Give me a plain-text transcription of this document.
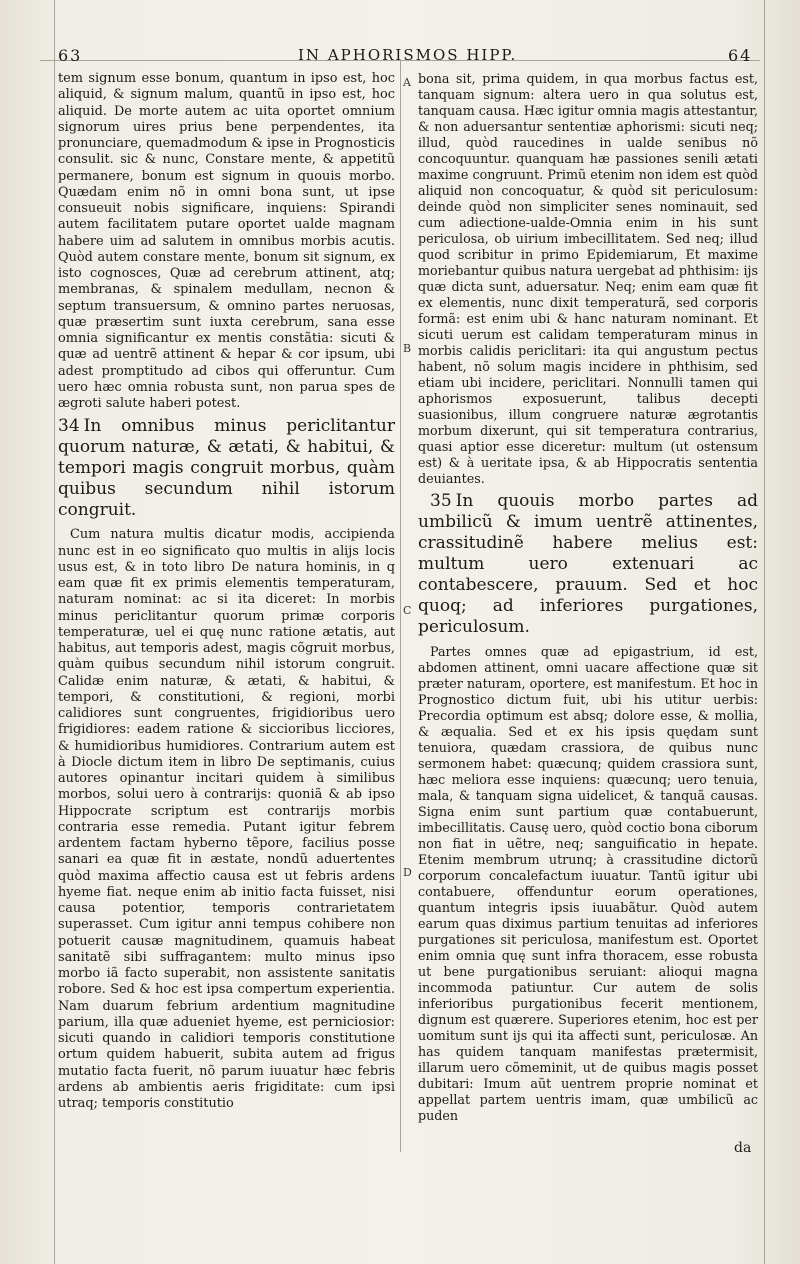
63	IN APHORISMOS HIPP.	64
A
B
C
D

tem signum esse bonum, quantum in ipso est, hoc aliquid, & signum malum, quantũ in ipso est, hoc aliquid. De morte autem ac uita oportet omnium signorum uires prius bene perpendentes, ita pronunciare, quemadmodum & ipse in Prognosticis consulit. sic & nunc, Constare mente, & appetitũ permanere, bonum est signum in quouis morbo. Quædam enim nõ in omni bona sunt, ut ipse consueuit nobis significare, inquiens: Spirandi autem facilitatem putare oportet ualde magnam habere uim ad salutem in omnibus morbis acutis. Quòd autem constare mente, bonum sit signum, ex isto cognosces, Quæ ad cerebrum attinent, atq; membranas, & spinalem medullam, necnon & septum transuersum, & omnino partes neruosas, quæ præsertim sunt iuxta cerebrum, sana esse omnia significantur ex mentis constãtia: sicuti & quæ ad uentrẽ attinent & hepar & cor ipsum, ubi adest promptitudo ad cibos qui offeruntur. Cum uero hæc omnia robusta sunt, non parua spes de ægroti salute haberi potest.

34 In omnibus minus periclitantur quorum naturæ, & ætati, & habitui, & tempori magis congruit morbus, quàm quibus secundum nihil istorum congruit.

Cum natura multis dicatur modis, accipienda nunc est in eo significato quo multis in alijs locis usus est, & in toto libro De natura hominis, in q eam quæ fit ex primis elementis temperaturam, naturam nominat: ac si ita diceret: In morbis minus periclitantur quorum primæ corporis temperaturæ, uel ei quę nunc ratione ætatis, aut habitus, aut temporis adest, magis cõgruit morbus, quàm quibus secundum nihil istorum congruit. Calidæ enim naturæ, & ætati, & habitui, & tempori, & constitutioni, & regioni, morbi calidiores sunt congruentes, frigidioribus uero frigidiores: eadem ratione & siccioribus licciores, & humidioribus humidiores. Contrarium autem est à Diocle dictum item in libro De septimanis, cuius autores opinantur incitari quidem à similibus morbos, solui uero à contrarijs: quoniã & ab ipso Hippocrate scriptum est contrarijs morbis contraria esse remedia. Putant igitur febrem ardentem factam hyberno tẽpore, facilius posse sanari ea quæ fit in æstate, nondũ aduertentes quòd maxima affectio causa est ut febris ardens hyeme fiat. neque enim ab initio facta fuisset, nisi causa potentior, temporis contrarietatem superasset. Cum igitur anni tempus cohibere non potuerit causæ magnitudinem, quamuis habeat sanitatẽ sibi suffragantem: multo minus ipso morbo iã facto superabit, non assistente sanitatis robore. Sed & hoc est ipsa compertum experientia. Nam duarum febrium ardentium magnitudine parium, illa quæ adueniet hyeme, est perniciosior: sicuti quando in calidiori temporis constitutione ortum quidem habuerit, subita autem ad frigus mutatio facta fuerit, nõ parum iuuatur hæc febris ardens ab ambientis aeris frigiditate: cum ipsi utraq; temporis constitutio

bona sit, prima quidem, in qua morbus factus est, tanquam signum: altera uero in qua solutus est, tanquam causa. Hæc igitur omnia magis attestantur, & non aduersantur sententiæ aphorismi: sicuti neq; illud, quòd raucedines in ualde senibus nõ concoquuntur. quanquam hæ passiones senili ætati maxime congruunt. Primũ etenim non idem est quòd aliquid non concoquatur, & quòd sit periculosum: deinde quòd non simpliciter senes nominauit, sed cum adiectione-ualde-Omnia enim in his sunt periculosa, ob uirium imbecillitatem. Sed neq; illud quod scribitur in primo Epidemiarum, Et maxime moriebantur quibus natura uergebat ad phthisim: ijs quæ dicta sunt, aduersatur. Neq; enim eam quæ fit ex elementis, nunc dixit temperaturã, sed corporis formã: est enim ubi & hanc naturam nominant. Et sicuti uerum est calidam temperaturam minus in morbis calidis periclitari: ita qui angustum pectus habent, nõ solum magis incidere in phthisim, sed etiam ubi incidere, periclitari. Nonnulli tamen qui aphorismos exposuerunt, talibus decepti suasionibus, illum congruere naturæ ægrotantis morbum dixerunt, qui sit temperatura contrarius, quasi aptior esse diceretur: multum (ut ostensum est) & à ueritate ipsa, & ab Hippocratis sententia deuiantes.

35 In quouis morbo partes ad umbilicũ & imum uentrẽ attinentes, crassitudinẽ habere melius est: multum uero extenuari ac contabescere, prauum. Sed et hoc quoq; ad inferiores purgationes, periculosum.

Partes omnes quæ ad epigastrium, id est, abdomen attinent, omni uacare affectione quæ sit præter naturam, oportere, est manifestum. Et hoc in Prognostico dictum fuit, ubi his utitur uerbis: Precordia optimum est absq; dolore esse, & mollia, & æqualia. Sed et ex his ipsis quędam sunt tenuiora, quædam crassiora, de quibus nunc sermonem habet: quæcunq; quidem crassiora sunt, hæc meliora esse inquiens: quæcunq; uero tenuia, mala, & tanquam signa uidelicet, & tanquã causas. Signa enim sunt partium quæ contabuerunt, imbecillitatis. Causę uero, quòd coctio bona ciborum non fiat in uẽtre, neq; sanguificatio in hepate. Etenim membrum utrunq; à crassitudine dictorũ corporum concalefactum iuuatur. Tantũ igitur ubi contabuere, offenduntur eorum operationes, quantum integris ipsis iuuabãtur. Quòd autem earum quas diximus partium tenuitas ad inferiores purgationes sit periculosa, manifestum est. Oportet enim omnia quę sunt infra thoracem, esse robusta ut bene purgationibus seruiant: alioqui magna incommoda patiuntur. Cur autem de solis inferioribus purgationibus fecerit mentionem, dignum est quærere. Superiores etenim, hoc est per uomitum sunt ijs qui ita affecti sunt, periculosæ. An has quidem tanquam manifestas prætermisit, illarum uero cõmeminit, ut de quibus magis posset dubitari: Imum aũt uentrem proprie nominat et appellat partem uentris imam, quæ umbilicũ ac puden

da
